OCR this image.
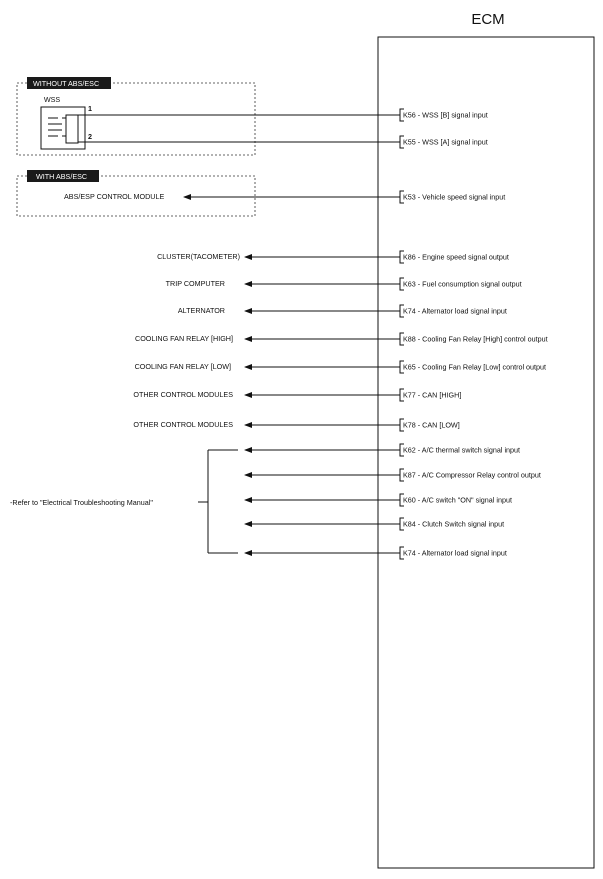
ECM
WITHOUT ABS/ESC
WSS
1
2
WITH ABS/ESC
ABS/ESP CONTROL MODULE
CLUSTER(TACOMETER)
TRIP COMPUTER
ALTERNATOR
COOLING FAN RELAY [HIGH]
COOLING FAN RELAY [LOW]
OTHER CONTROL MODULES
OTHER CONTROL MODULES
-Refer to "Electrical Troubleshooting Manual"
K56 - WSS [B] signal input
K55 - WSS [A] signal input
K53 - Vehicle speed signal input
K86 - Engine speed signal output
K63 - Fuel consumption signal output
K74 - Alternator load signal input
K88 - Cooling Fan Relay [High] control output
K65 - Cooling Fan Relay [Low] control output
K77 - CAN [HIGH]
K78 - CAN [LOW]
K62 - A/C thermal switch signal input
K87 - A/C Compressor Relay control output
K60 - A/C switch "ON" signal input
K84 - Clutch Switch signal input
K74 - Alternator load signal input
